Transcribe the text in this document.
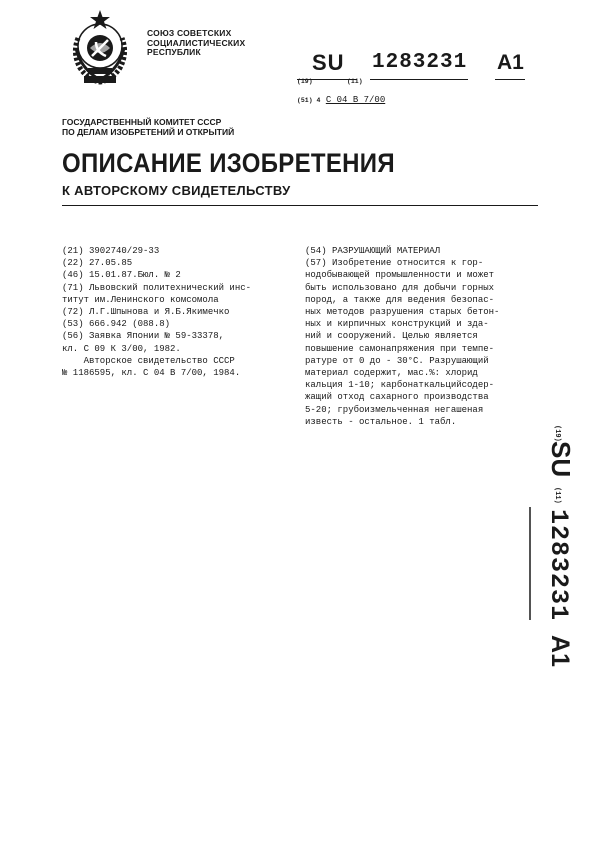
СОЮЗ СОВЕТСКИХ
СОЦИАЛИСТИЧЕСКИХ
РЕСПУБЛИК
(19)
SU
(11)
1283231 A1
(51) 4 С 04 В 7/00
ГОСУДАРСТВЕННЫЙ КОМИТЕТ СССР
ПО ДЕЛАМ ИЗОБРЕТЕНИЙ И ОТКРЫТИЙ
ОПИСАНИЕ ИЗОБРЕТЕНИЯ
К АВТОРСКОМУ СВИДЕТЕЛЬСТВУ
(21) 3902740/29-33
(22) 27.05.85
(46) 15.01.87.Бюл. № 2
(71) Львовский политехнический инс-
титут им.Ленинского комсомола
(72) Л.Г.Шпынова и Я.Б.Якимечко
(53) 666.942 (088.8)
(56) Заявка Японии № 59-33378,
кл. С 09 К 3/00, 1982.
Авторское свидетельство СССР
№ 1186595, кл. С 04 В 7/00, 1984.
(54) РАЗРУШАЮЩИЙ МАТЕРИАЛ
(57) Изобретение относится к гор-
нодобывающей промышленности и может
быть использовано для добычи горных
пород, а также для ведения безопас-
ных методов разрушения старых бетон-
ных и кирпичных конструкций и зда-
ний и сооружений. Целью является
повышение самонапряжения при темпе-
ратуре от 0 до - 30°С. Разрушающий
материал содержит, мас.%: хлорид
кальция 1-10; карбонаткальцийсодер-
жащий отход сахарного производства
5-20; грубоизмельченная негашеная
известь - остальное. 1 табл.
(19)
SU
(11)
1283231
A1
